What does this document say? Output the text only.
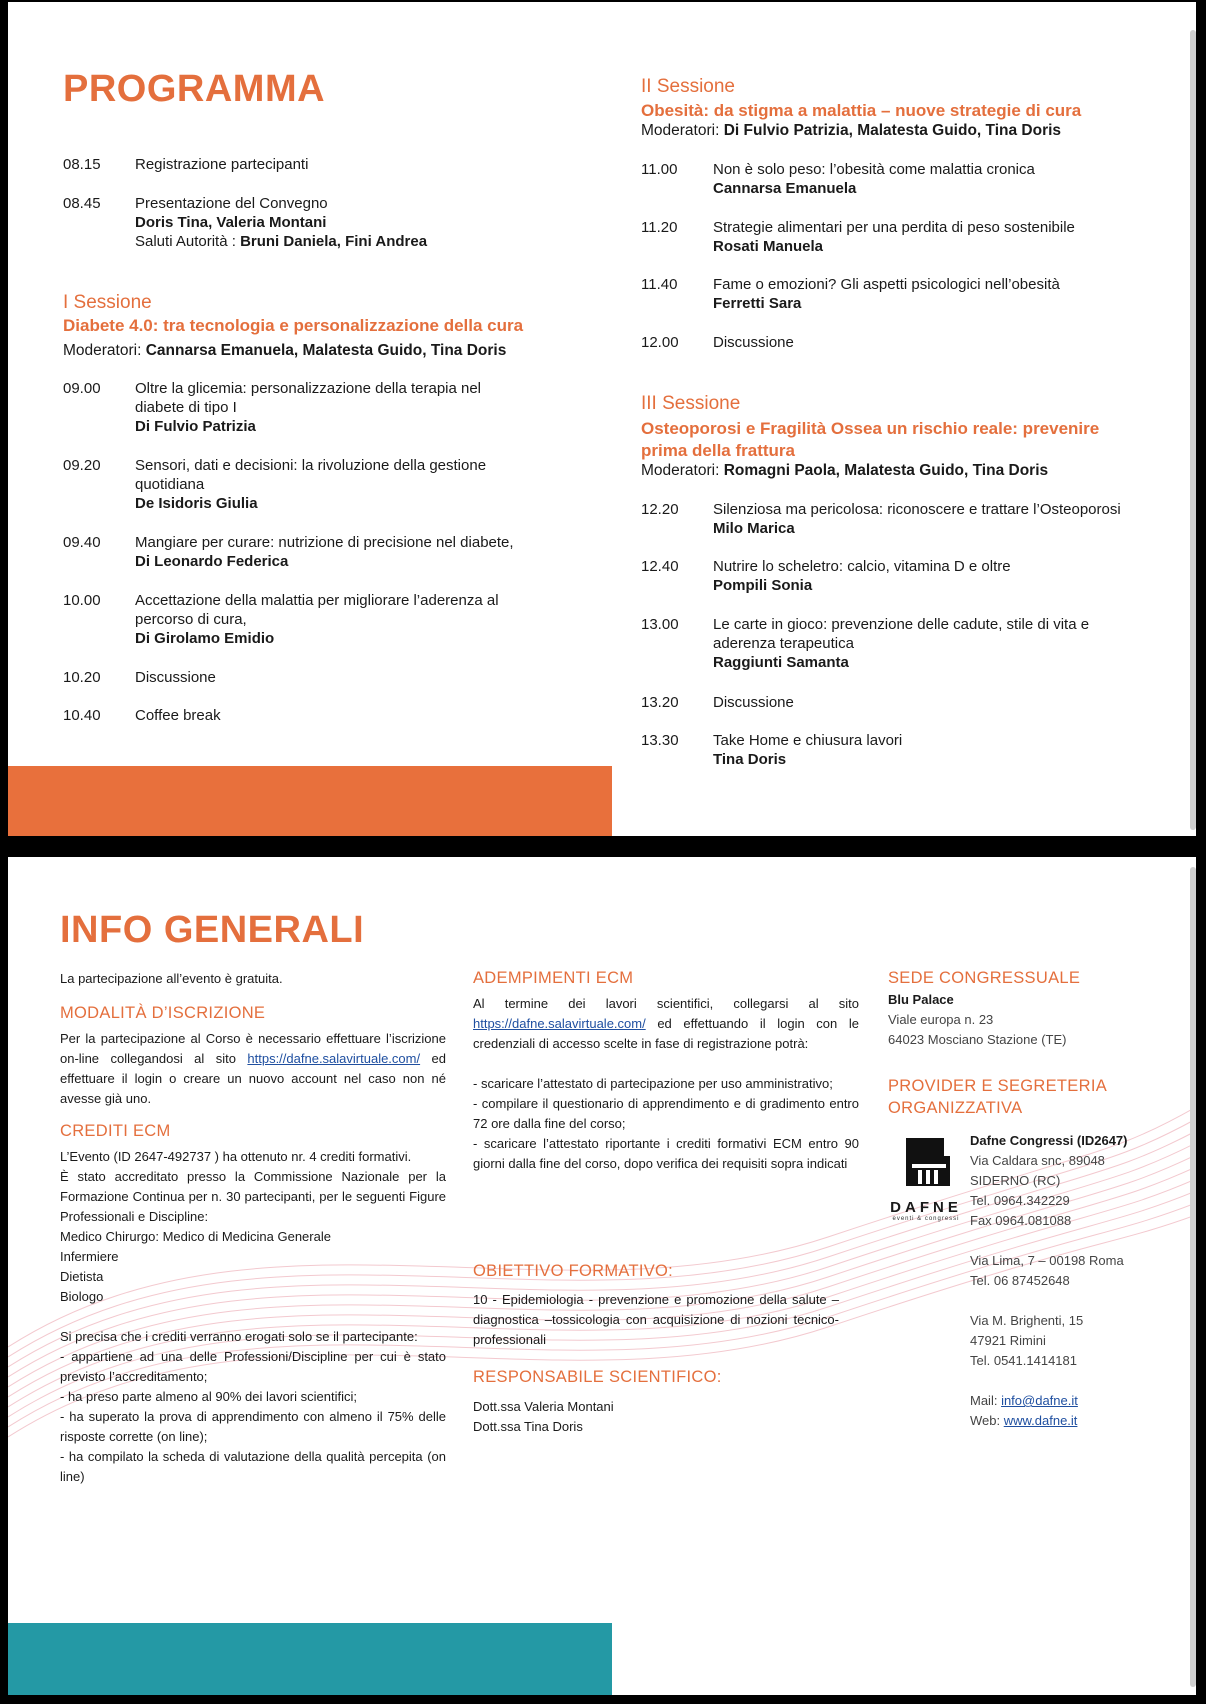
PROGRAMMA
08.15	Registrazione partecipanti
08.45	Presentazione del Convegno
Doris Tina, Valeria Montani
Saluti Autorità : Bruni Daniela, Fini Andrea
I Sessione
Diabete 4.0: tra tecnologia e personalizzazione della cura
Moderatori: Cannarsa Emanuela, Malatesta Guido, Tina Doris
09.00	Oltre la glicemia: personalizzazione della terapia nel
diabete di tipo I
Di Fulvio Patrizia
09.20	Sensori, dati e decisioni: la rivoluzione della gestione
quotidiana
De Isidoris Giulia
09.40	Mangiare per curare: nutrizione di precisione nel diabete,
Di Leonardo Federica
10.00	Accettazione della malattia per migliorare l’aderenza al
percorso di cura,
Di Girolamo Emidio
10.20	Discussione
10.40	Coffee break
II Sessione
Obesità: da stigma a malattia – nuove strategie di cura
Moderatori: Di Fulvio Patrizia, Malatesta Guido, Tina Doris
11.00	Non è solo peso: l’obesità come malattia cronica
Cannarsa Emanuela
11.20	Strategie alimentari per una perdita di peso sostenibile
Rosati Manuela
11.40	Fame o emozioni? Gli aspetti psicologici nell’obesità
Ferretti Sara
12.00	Discussione
III Sessione
Osteoporosi e Fragilità Ossea un rischio reale: prevenire
prima della frattura
Moderatori: Romagni Paola, Malatesta Guido, Tina Doris
12.20	Silenziosa ma pericolosa: riconoscere e trattare l’Osteoporosi
Milo Marica
12.40	Nutrire lo scheletro: calcio, vitamina D e oltre
Pompili Sonia
13.00	Le carte in gioco: prevenzione delle cadute, stile di vita e
aderenza terapeutica
Raggiunti Samanta
13.20	Discussione
13.30	Take Home e chiusura lavori
Tina Doris
INFO GENERALI
La partecipazione all’evento è gratuita.
MODALITÀ D’ISCRIZIONE
Per la partecipazione al Corso è necessario effettuare l’iscrizione on-line collegandosi al sito https://dafne.salavirtuale.com/ ed effettuare il login o creare un nuovo account nel caso non né avesse già uno.
CREDITI ECM
L’Evento (ID 2647-492737 ) ha ottenuto nr. 4 crediti formativi.
È stato accreditato presso la Commissione Nazionale per la Formazione Continua per n. 30 partecipanti, per le seguenti Figure Professionali e Discipline:
Medico Chirurgo: Medico di Medicina Generale
Infermiere
Dietista
Biologo
Si precisa che i crediti verranno erogati solo se il partecipante:
- appartiene ad una delle Professioni/Discipline per cui è stato previsto l’accreditamento;
- ha preso parte almeno al 90% dei lavori scientifici;
- ha superato la prova di apprendimento con almeno il 75% delle risposte corrette (on line);
- ha compilato la scheda di valutazione della qualità percepita (on line)
ADEMPIMENTI ECM
Al termine dei lavori scientifici, collegarsi al sito https://dafne.salavirtuale.com/ ed effettuando il login con le credenziali di accesso scelte in fase di registrazione potrà:
- scaricare l’attestato di partecipazione per uso amministrativo;
- compilare il questionario di apprendimento e di gradimento entro 72 ore dalla fine del corso;
- scaricare l’attestato riportante i crediti formativi ECM entro 90 giorni dalla fine del corso, dopo verifica dei requisiti sopra indicati
OBIETTIVO FORMATIVO:
10 - Epidemiologia - prevenzione e promozione della salute – diagnostica –tossicologia con acquisizione di nozioni tecnico-professionali
RESPONSABILE SCIENTIFICO:
Dott.ssa Valeria Montani
Dott.ssa Tina Doris
SEDE CONGRESSUALE
Blu Palace
Viale europa n. 23
64023 Mosciano Stazione (TE)
PROVIDER E SEGRETERIA
ORGANIZZATIVA
DAFNE
eventi & congressi
Dafne Congressi (ID2647)
Via Caldara snc, 89048
SIDERNO (RC)
Tel. 0964.342229
Fax 0964.081088
Via Lima, 7 – 00198 Roma
Tel. 06 87452648
Via M. Brighenti, 15
47921 Rimini
Tel. 0541.1414181
Mail: info@dafne.it
Web: www.dafne.it
